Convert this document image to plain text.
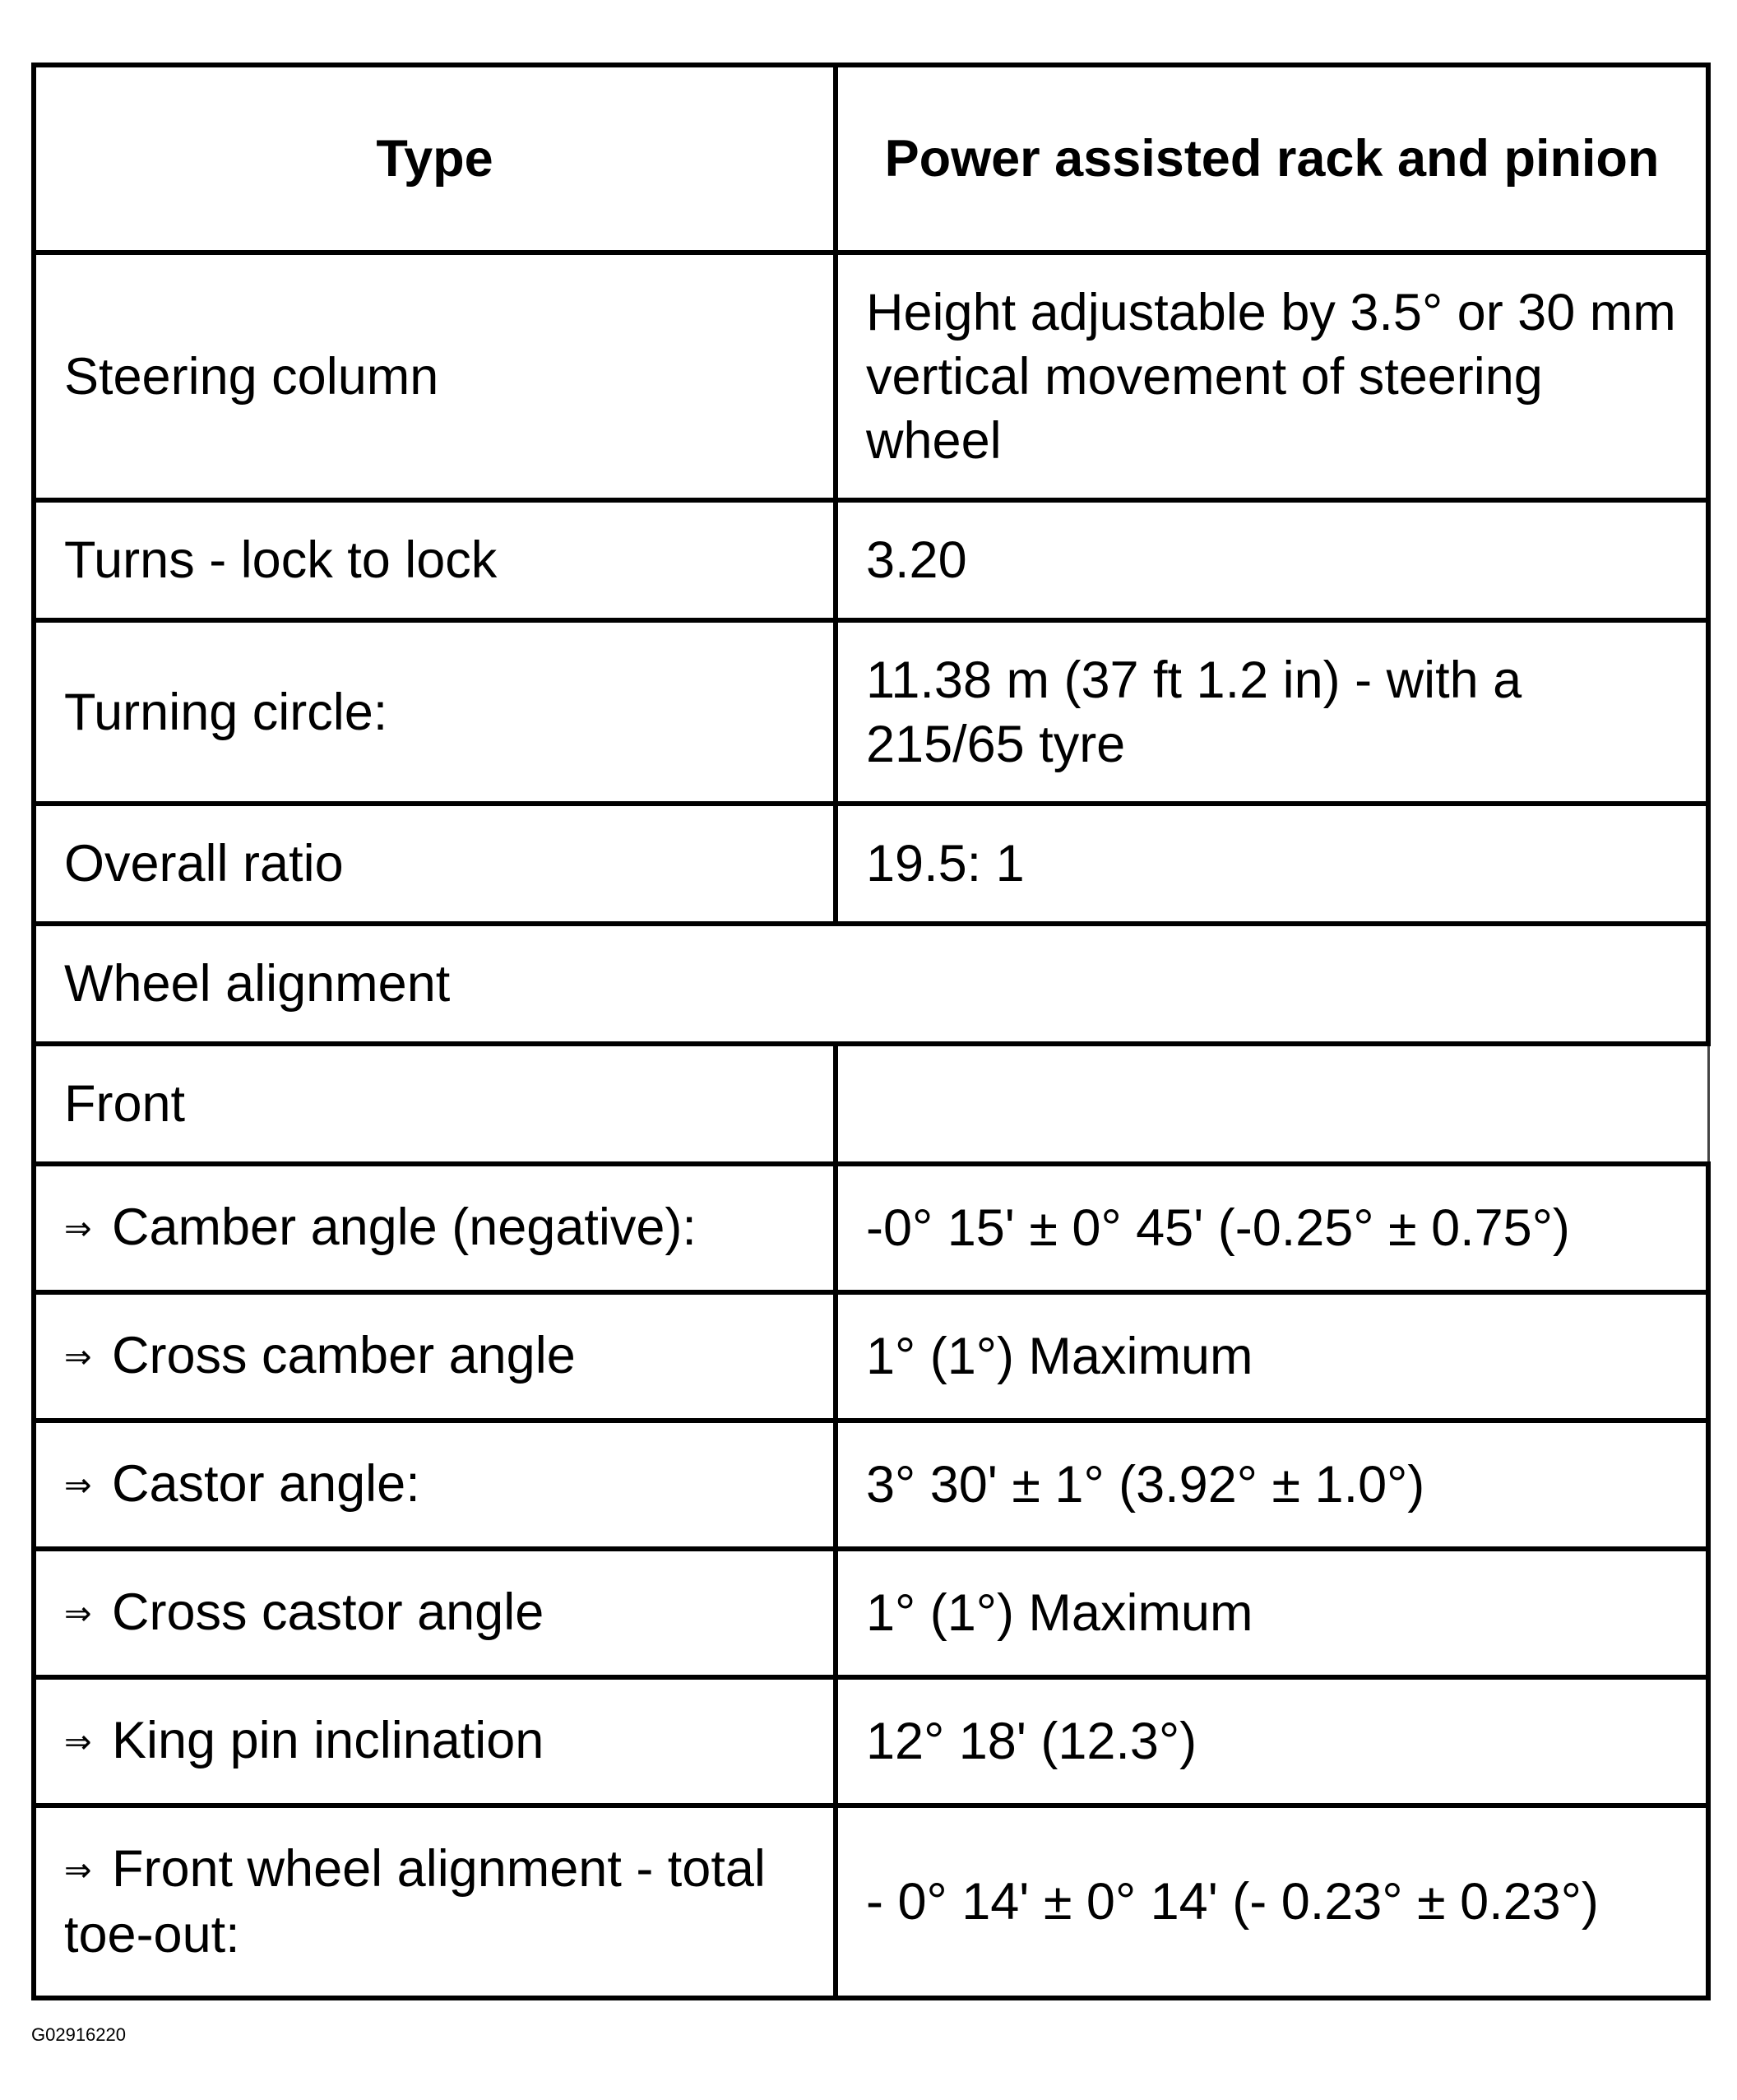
Type	Power assisted rack and pinion
Steering column	Height adjustable by 3.5° or 30 mm vertical movement of steering wheel
Turns - lock to lock	3.20
Turning circle:	11.38 m (37 ft 1.2 in) - with a 215/65 tyre
Overall ratio	19.5: 1
Wheel alignment	
Front	
⇒ Camber angle (negative):	-0° 15' ± 0° 45' (-0.25° ± 0.75°)
⇒ Cross camber angle	1° (1°) Maximum
⇒ Castor angle:	3° 30' ± 1° (3.92° ± 1.0°)
⇒ Cross castor angle	1° (1°) Maximum
⇒ King pin inclination	12° 18' (12.3°)
⇒ Front wheel alignment - total toe-out:	- 0° 14' ± 0° 14' (- 0.23° ± 0.23°)
G02916220
